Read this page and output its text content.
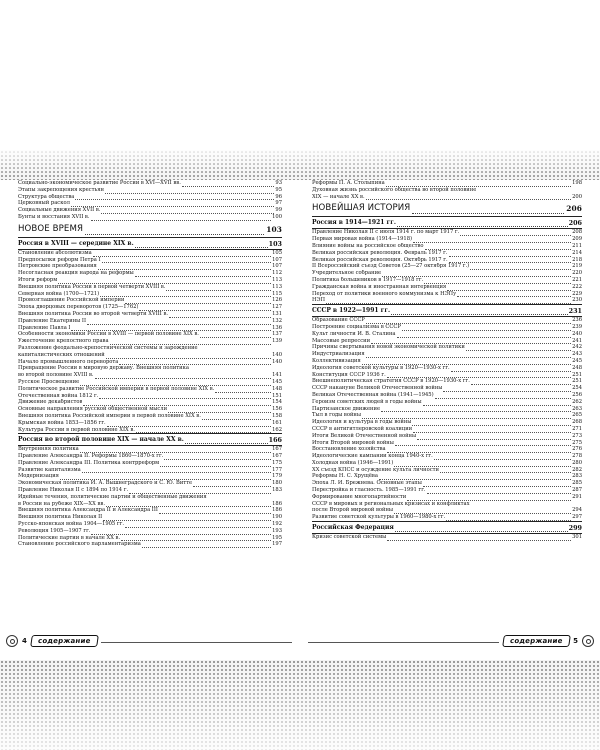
Социально-экономическое развитие России в XVI—XVII вв.	93
Этапы закрепощения крестьян	95
Структура общества	96
Церковный раскол	97
Социальные движения XVII в.	99
Бунты и восстания XVII в.	100
НОВОЕ ВРЕМЯ	103
Россия в XVIII — середине XIX в.	103
Становление абсолютизма	105
Предпосылки реформ Петра I	107
Петровские преобразования	107
Несогласная реакция народа на реформы	112
Итоги реформ	113
Внешняя политика России в первой четверти XVIII в.	113
Северная война (1700—1721)	115
Провозглашение Российской империи	126
Эпоха дворцовых переворотов (1725—1762)	127
Внешняя политика России во второй четверти XVIII в.	131
Правление Екатерины II	132
Правление Павла I	136
Особенности экономики России в XVIII — первой половине XIX в.	137
Ужесточение крепостного права	139
Разложение феодально-крепостнической системы и зарождение
капиталистических отношений	140
Начало промышленного переворота	140
Превращение России в мировую державу. Внешняя политика
во второй половине XVIII в.	141
Русское Просвещение	145
Политическое развитие Российской империи в первой половине XIX в.	148
Отечественная война 1812 г.	151
Движение декабристов	154
Основные направления русской общественной мысли	156
Внешняя политика Российской империи в первой половине XIX в.	158
Крымская война 1853—1856 гг.	161
Культура России в первой половине XIX в.	162
Россия во второй половине XIX — начале XX в.	166
Внутренняя политика	167
Правление Александра II. Реформы 1860—1870-х гг.	167
Правление Александра III. Политика контрреформ	175
Развитие капитализма	177
Модернизация	179
Экономическая политика И. А. Вышнеградского и С. Ю. Витте	180
Правление Николая II с 1894 по 1914 г.	183
Идейные течения, политические партии и общественные движения
в России на рубеже XIX—XX вв.	186
Внешняя политика Александра II и Александра III	186
Внешняя политика Николая II	190
Русско-японская война 1904—1905 гг.	192
Революция 1905—1907 гг.	193
Политические партии в начале XX в.	195
Становление российского парламентаризма	197
Реформы П. А. Столыпина	198
Духовная жизнь российского общества во второй половине
XIX — начале XX в.	200
НОВЕЙШАЯ ИСТОРИЯ	206
Россия в 1914—1921 гг.	206
Правление Николая II с июля 1914 г. по март 1917 г.	208
Первая мировая война (1914—1918)	209
Влияние войны на российское общество	211
Великая российская революция. Февраль 1917 г.	214
Великая российская революция. Октябрь 1917 г.	218
II Всероссийский съезд Советов (25—27 октября 1917 г.)	219
Учредительное собрание	220
Политика большевиков в 1917—1918 гг.	221
Гражданская война и иностранная интервенция	222
Переход от политики военного коммунизма к НЭПу	229
НЭП	230
СССР в 1922—1991 гг.	231
Образование СССР	236
Построение социализма в СССР	239
Культ личности И. В. Сталина	240
Массовые репрессии	241
Причины свертывания новой экономической политики	242
Индустриализация	243
Коллективизация	245
Идеология советской культуры в 1920—1930-х гг.	248
Конституция СССР 1936 г.	251
Внешнеполитическая стратегия СССР в 1920—1930-х гг.	251
СССР накануне Великой Отечественной войны	254
Великая Отечественная война (1941—1945)	256
Героизм советских людей в годы войны	262
Партизанское движение	263
Тыл в годы войны	265
Идеология и культура в годы войны	268
СССР в антигитлеровской коалиции	271
Итоги Великой Отечественной войны	273
Итоги Второй мировой войны	275
Восстановление хозяйства	276
Идеологические кампании конца 1940-х гг.	278
Холодная война (1946—1991)	280
XX съезд КПСС и осуждение культа личности	282
Реформы Н. С. Хрущёва	283
Эпоха Л. И. Брежнева. Основные этапы	285
Перестройка и гласность. 1985—1991 гг.	287
Формирование многопартийности	291
СССР в мировых и региональных кризисах и конфликтах
после Второй мировой войны	294
Развитие советской культуры в 1960—1980-х гг.	297
Российская Федерация	299
Кризис советской системы	301
4	содержание	содержание	5
